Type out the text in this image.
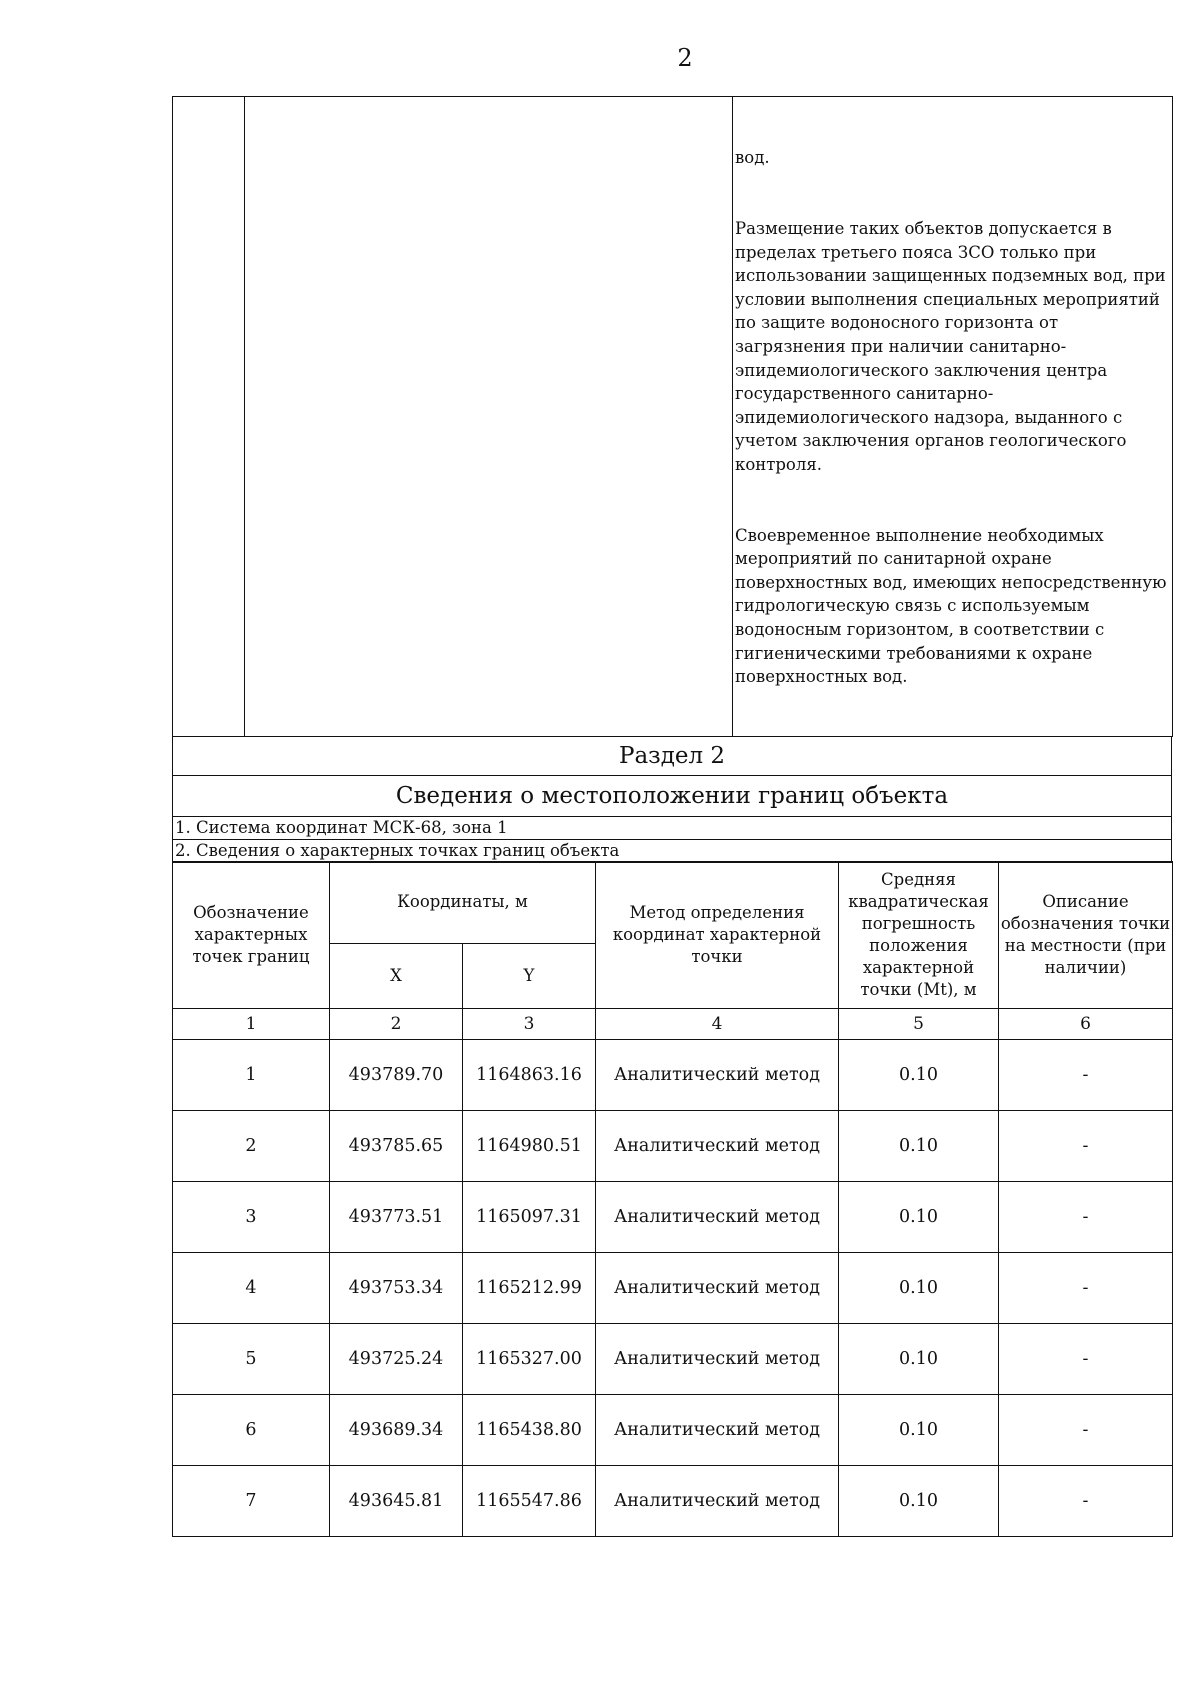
2

вод.

Размещение таких объектов допускается в пределах третьего пояса ЗСО только при использовании защищенных подземных вод, при условии выполнения специальных мероприятий по защите водоносного горизонта от загрязнения при наличии санитарно-эпидемиологического заключения центра государственного санитарно-эпидемиологического надзора, выданного с учетом заключения органов геологического контроля.

Своевременное выполнение необходимых мероприятий по санитарной охране поверхностных вод, имеющих непосредственную гидрологическую связь с используемым водоносным горизонтом, в соответствии с гигиеническими требованиями к охране поверхностных вод.

Раздел 2
Сведения о местоположении границ объекта
1. Система координат МСК-68, зона 1
2. Сведения о характерных точках границ объекта
Обозначение характерных точек границ	Координаты, м		Метод определения координат характерной точки	Средняя квадратическая погрешность положения характерной точки (Mt), м	Описание обозначения точки на местности (при наличии)
	X	Y			
1	2	3	4	5	6
1	493789.70	1164863.16	Аналитический метод	0.10	-
2	493785.65	1164980.51	Аналитический метод	0.10	-
3	493773.51	1165097.31	Аналитический метод	0.10	-
4	493753.34	1165212.99	Аналитический метод	0.10	-
5	493725.24	1165327.00	Аналитический метод	0.10	-
6	493689.34	1165438.80	Аналитический метод	0.10	-
7	493645.81	1165547.86	Аналитический метод	0.10	-
